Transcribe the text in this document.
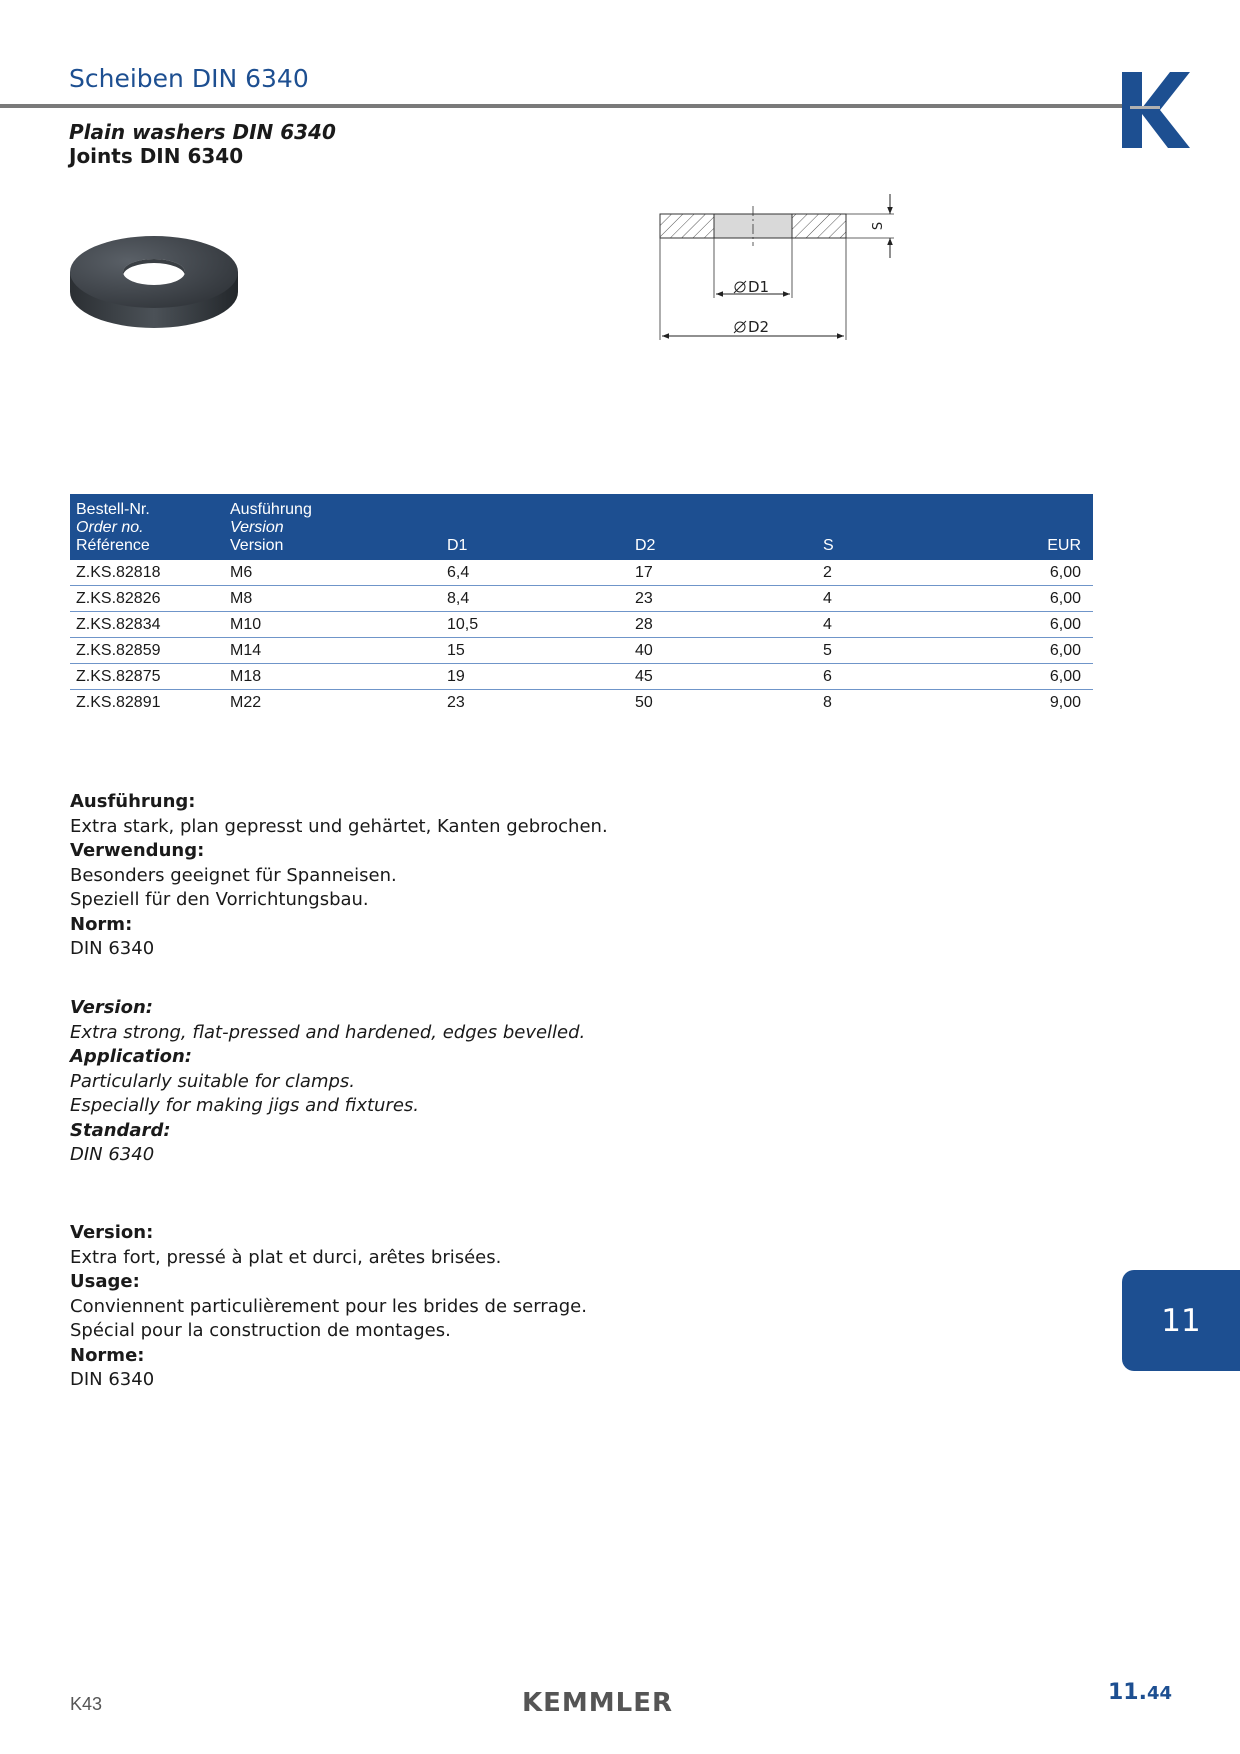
Scheiben DIN 6340
Plain washers DIN 6340
Joints DIN 6340
S
D1
D2
Bestell-Nr.
Order no.
Référence	Ausführung
Version
Version	D1	D2	S	EUR
Z.KS.82818	M6	6,4	17	2	6,00
Z.KS.82826	M8	8,4	23	4	6,00
Z.KS.82834	M10	10,5	28	4	6,00
Z.KS.82859	M14	15	40	5	6,00
Z.KS.82875	M18	19	45	6	6,00
Z.KS.82891	M22	23	50	8	9,00
Ausführung:
Extra stark, plan gepresst und gehärtet, Kanten gebrochen.
Verwendung:
Besonders geeignet für Spanneisen.
Speziell für den Vorrichtungsbau.
Norm:
DIN 6340
Version:
Extra strong, flat-pressed and hardened, edges bevelled.
Application:
Particularly suitable for clamps.
Especially for making jigs and fixtures.
Standard:
DIN 6340
Version:
Extra fort, pressé à plat et durci, arêtes brisées.
Usage:
Conviennent particulièrement pour les brides de serrage.
Spécial pour la construction de montages.
Norme:
DIN 6340
11
K43	KEMMLER	11.44
